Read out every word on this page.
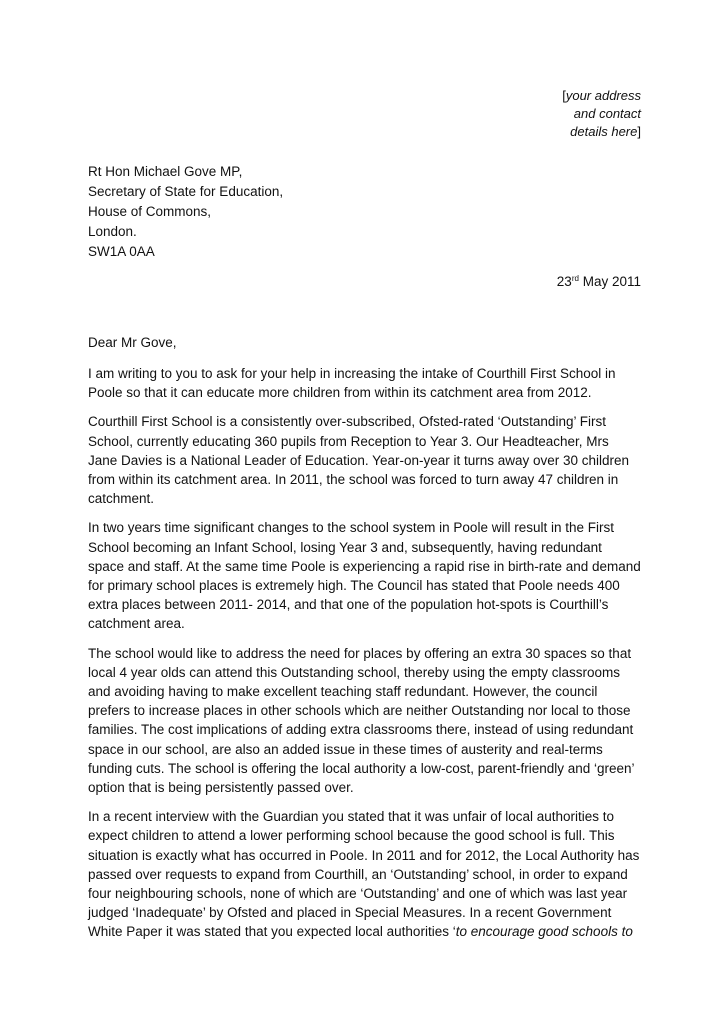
[your address
and contact
details here]
Rt Hon Michael Gove MP,
Secretary of State for Education,
House of Commons,
London.
SW1A 0AA
23rd May 2011
Dear Mr Gove,

I am writing to you to ask for your help in increasing the intake of Courthill First School in
Poole so that it can educate more children from within its catchment area from 2012.

Courthill First School is a consistently over-subscribed, Ofsted-rated ‘Outstanding’ First
School, currently educating 360 pupils from Reception to Year 3. Our Headteacher, Mrs
Jane Davies is a National Leader of Education. Year-on-year it turns away over 30 children
from within its catchment area. In 2011, the school was forced to turn away 47 children in
catchment.

In two years time significant changes to the school system in Poole will result in the First
School becoming an Infant School, losing Year 3 and, subsequently, having redundant
space and staff. At the same time Poole is experiencing a rapid rise in birth-rate and demand
for primary school places is extremely high. The Council has stated that Poole needs 400
extra places between 2011- 2014, and that one of the population hot-spots is Courthill’s
catchment area.

The school would like to address the need for places by offering an extra 30 spaces so that
local 4 year olds can attend this Outstanding school, thereby using the empty classrooms
and avoiding having to make excellent teaching staff redundant. However, the council
prefers to increase places in other schools which are neither Outstanding nor local to those
families. The cost implications of adding extra classrooms there, instead of using redundant
space in our school, are also an added issue in these times of austerity and real-terms
funding cuts. The school is offering the local authority a low-cost, parent-friendly and ‘green’
option that is being persistently passed over.

In a recent interview with the Guardian you stated that it was unfair of local authorities to
expect children to attend a lower performing school because the good school is full. This
situation is exactly what has occurred in Poole. In 2011 and for 2012, the Local Authority has
passed over requests to expand from Courthill, an ‘Outstanding’ school, in order to expand
four neighbouring schools, none of which are ‘Outstanding’ and one of which was last year
judged ‘Inadequate’ by Ofsted and placed in Special Measures. In a recent Government
White Paper it was stated that you expected local authorities ‘to encourage good schools to
